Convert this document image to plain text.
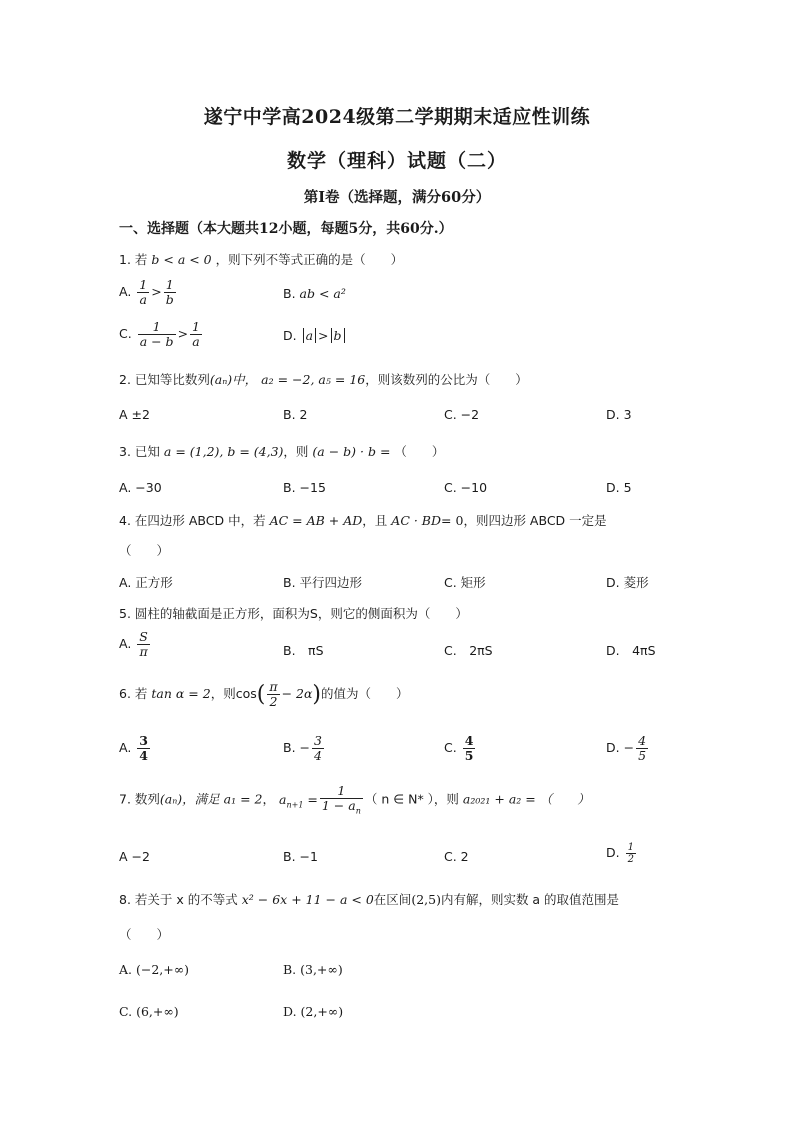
遂宁中学高2024级第二学期期末适应性训练
数学（理科）试题（二）
第Ⅰ卷（选择题，满分60分）
一、选择题（本大题共12小题，每题5分，共60分.）
1. 若 b < a < 0 ，则下列不等式正确的是（　　）
A. $\frac{1}{a} > \frac{1}{b}$	B. ab < a²
C. $\frac{1}{a - b} > \frac{1}{a}$	D. a > b
2. 已知等比数列(aₙ)中， a₂ = −2, a₅ = 16，则该数列的公比为（　　）
A ±2	B. 2	C. −2	D. 3
3. 已知 a = (1,2), b = (4,3)，则 (a − b) · b = （　　）
A. −30	B. −15	C. −10	D. 5
4. 在四边形 ABCD 中，若 AC = AB + AD，且 AC · BD= 0，则四边形 ABCD 一定是
（　　）
A. 正方形	B. 平行四边形	C. 矩形	D. 菱形
5. 圆柱的轴截面是正方形，面积为S，则它的侧面积为（　　）
A. $\frac{S}{\pi}$	B.　πS	C.　2πS	D.　4πS
6. 若 tan α = 2，则$\cos( \frac{\pi}{2} - 2\alpha)$的值为（　　）
A. $\frac{3}{4}$	B. − $\frac{3}{4}$	C. $\frac{4}{5}$	D. − $\frac{4}{5}$
7. 数列(aₙ)，满足 a₁ = 2， $a_{n+1} = \frac{1}{1 - a_n}$ （ n ∈ N* ），则 a₂₀₂₁ + a₂ = （　　）
A −2	B. −1	C. 2	D. $\frac{1}{2}$
8. 若关于 x 的不等式 x² − 6x + 11 − a < 0在区间(2,5)内有解，则实数 a 的取值范围是
（　　）
A. (−2,+∞)	B. (3,+∞)
C. (6,+∞)	D. (2,+∞)
